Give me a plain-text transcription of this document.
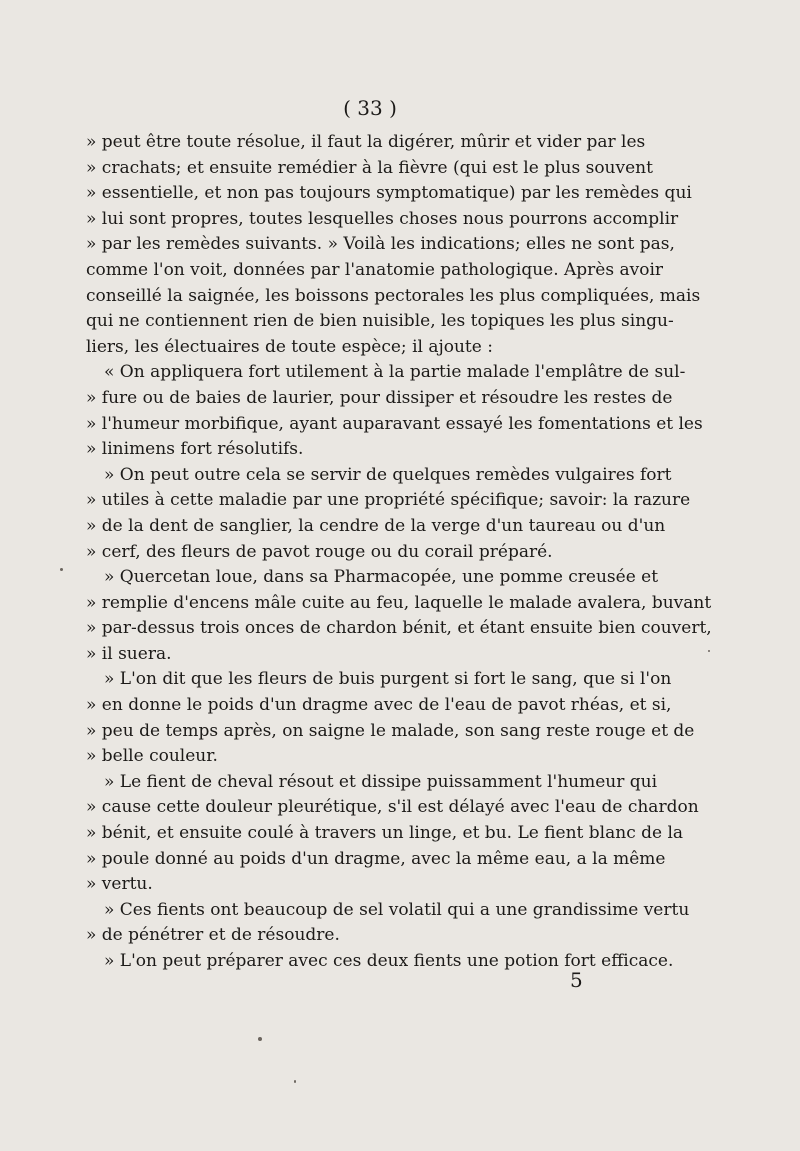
( 33 )
» peut être toute résolue, il faut la digérer, mûrir et vider par les
» crachats; et ensuite remédier à la fièvre (qui est le plus souvent
» essentielle, et non pas toujours symptomatique) par les remèdes qui
» lui sont propres, toutes lesquelles choses nous pourrons accomplir
» par les remèdes suivants. » Voilà les indications; elles ne sont pas,
comme l'on voit, données par l'anatomie pathologique. Après avoir
conseillé la saignée, les boissons pectorales les plus compliquées, mais
qui ne contiennent rien de bien nuisible, les topiques les plus singu-
liers, les électuaires de toute espèce; il ajoute :
« On appliquera fort utilement à la partie malade l'emplâtre de sul-
» fure ou de baies de laurier, pour dissiper et résoudre les restes de
» l'humeur morbifique, ayant auparavant essayé les fomentations et les
» linimens fort résolutifs.
» On peut outre cela se servir de quelques remèdes vulgaires fort
» utiles à cette maladie par une propriété spécifique; savoir: la razure
» de la dent de sanglier, la cendre de la verge d'un taureau ou d'un
» cerf, des fleurs de pavot rouge ou du corail préparé.
» Quercetan loue, dans sa Pharmacopée, une pomme creusée et
» remplie d'encens mâle cuite au feu, laquelle le malade avalera, buvant
» par-dessus trois onces de chardon bénit, et étant ensuite bien couvert,
» il suera.
» L'on dit que les fleurs de buis purgent si fort le sang, que si l'on
» en donne le poids d'un dragme avec de l'eau de pavot rhéas, et si,
» peu de temps après, on saigne le malade, son sang reste rouge et de
» belle couleur.
» Le fient de cheval résout et dissipe puissamment l'humeur qui
» cause cette douleur pleurétique, s'il est délayé avec l'eau de chardon
» bénit, et ensuite coulé à travers un linge, et bu. Le fient blanc de la
» poule donné au poids d'un dragme, avec la même eau, a la même
» vertu.
» Ces fients ont beaucoup de sel volatil qui a une grandissime vertu
» de pénétrer et de résoudre.
» L'on peut préparer avec ces deux fients une potion fort efficace.
5
